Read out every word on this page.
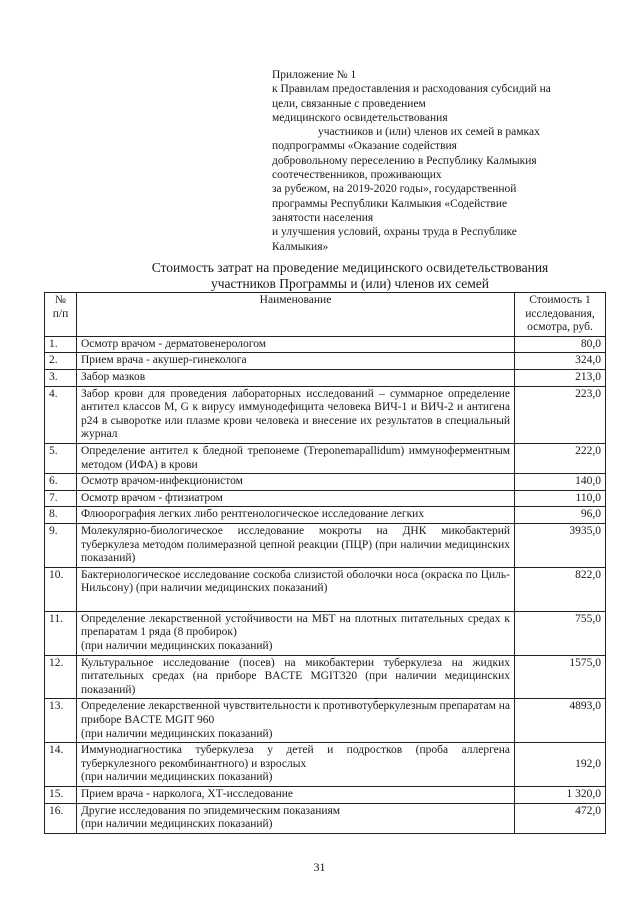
Приложение № 1
к Правилам предоставления и расходования субсидий на
цели, связанные с проведением
медицинского освидетельствования
участников и (или) членов их семей в рамках
подпрограммы «Оказание содействия
добровольному переселению в Республику Калмыкия
соотечественников, проживающих
за рубежом, на 2019-2020 годы», государственной
программы Республики Калмыкия «Содействие
занятости населения
и улучшения условий, охраны труда в Республике
Калмыкия»
Стоимость затрат на проведение медицинского освидетельствования
участников Программы и (или) членов их семей
№
п/п	Наименование	Стоимость 1
исследования,
осмотра, руб.
1.	Осмотр врачом - дерматовенерологом	80,0
2.	Прием врача - акушер-гинеколога	324,0
3.	Забор мазков	213,0
4.	Забор крови для проведения лабораторных исследований – суммарное определение антител классов M, G к вирусу иммунодефицита человека ВИЧ-1 и ВИЧ-2 и антигена р24 в сыворотке или плазме крови человека и внесение их результатов в специальный журнал	223,0
5.	Определение антител к бледной трепонеме (Treponemapallidum) иммуноферментным методом (ИФА) в крови	222,0
6.	Осмотр врачом-инфекционистом	140,0
7.	Осмотр врачом - фтизиатром	110,0
8.	Флюорография легких либо рентгенологическое исследование легких	96,0
9.	Молекулярно-биологическое исследование мокроты на ДНК микобактерий туберкулеза методом полимеразной цепной реакции (ПЦР) (при наличии медицинских показаний)	3935,0
10.	Бактериологическое исследование соскоба слизистой оболочки носа (окраска по Циль-Нильсону) (при наличии медицинских показаний)	822,0
11.	Определение лекарственной устойчивости на МБТ на плотных питательных средах к препаратам 1 ряда (8 пробирок)
(при наличии медицинских показаний)	755,0
12.	Культуральное исследование (посев) на микобактерии туберкулеза на жидких питательных средах (на приборе BACTE MGIT320 (при наличии медицинских показаний)	1575,0
13.	Определение лекарственной чувствительности к противотуберкулезным препаратам на приборе BACTE MGIT 960
(при наличии медицинских показаний)	4893,0
14.	Иммунодиагностика туберкулеза у детей и подростков (проба аллергена туберкулезного рекомбинантного) и взрослых
(при наличии медицинских показаний)	192,0
15.	Прием врача - нарколога, ХТ-исследование	1 320,0
16.	Другие исследования по эпидемическим показаниям
(при наличии медицинских показаний)	472,0
31
